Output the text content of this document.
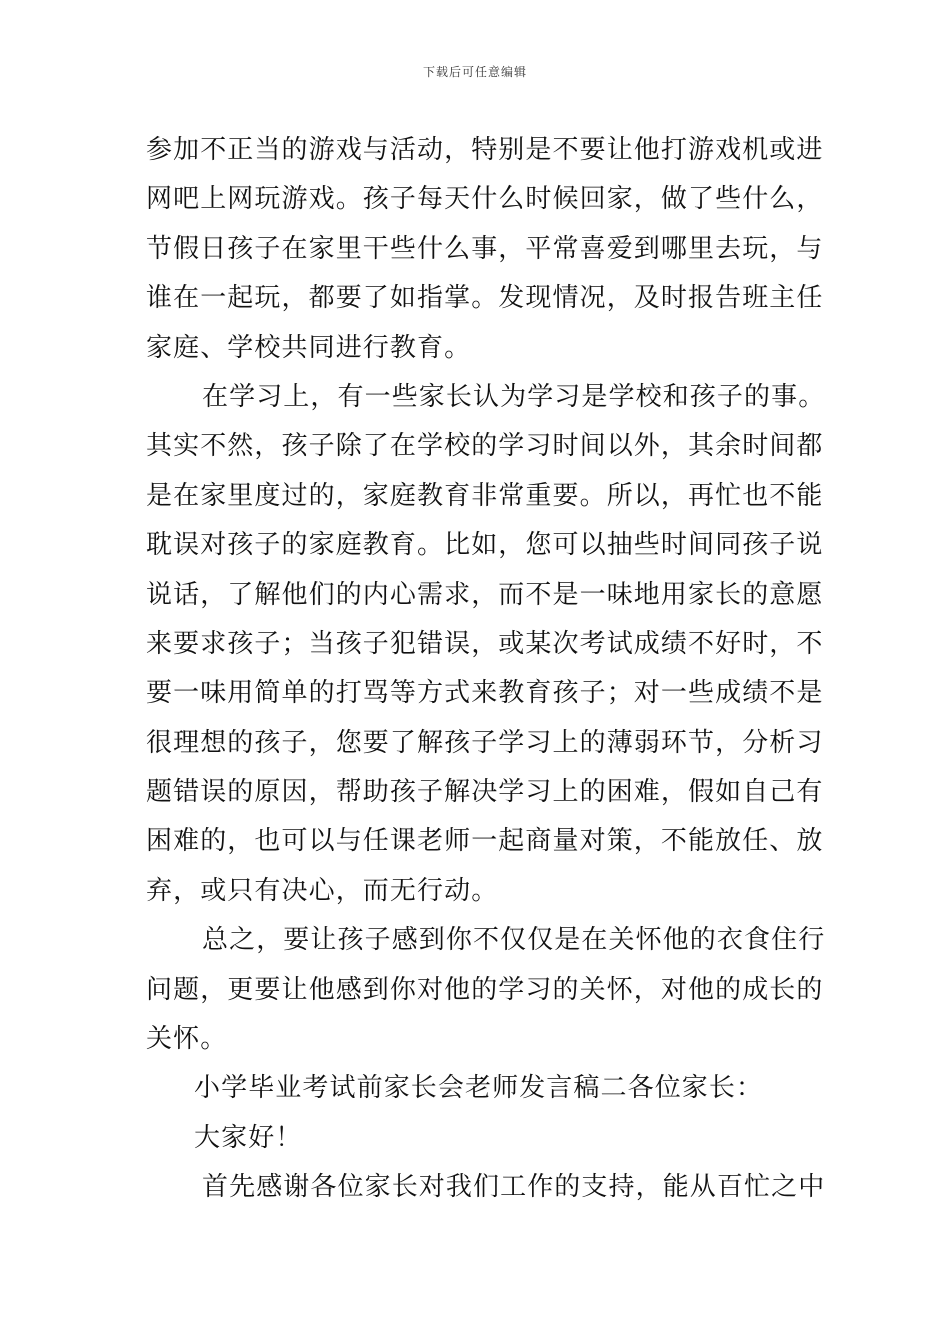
下载后可任意编辑
参加不正当的游戏与活动，特别是不要让他打游戏机或进
网吧上网玩游戏。孩子每天什么时候回家，做了些什么，
节假日孩子在家里干些什么事，平常喜爱到哪里去玩，与
谁在一起玩，都要了如指掌。发现情况，及时报告班主任
家庭、学校共同进行教育。
在学习上，有一些家长认为学习是学校和孩子的事。
其实不然，孩子除了在学校的学习时间以外，其余时间都
是在家里度过的，家庭教育非常重要。所以，再忙也不能
耽误对孩子的家庭教育。比如，您可以抽些时间同孩子说
说话，了解他们的内心需求，而不是一味地用家长的意愿
来要求孩子；当孩子犯错误，或某次考试成绩不好时，不
要一味用简单的打骂等方式来教育孩子；对一些成绩不是
很理想的孩子，您要了解孩子学习上的薄弱环节，分析习
题错误的原因，帮助孩子解决学习上的困难，假如自己有
困难的，也可以与任课老师一起商量对策，不能放任、放
弃，或只有决心，而无行动。
总之，要让孩子感到你不仅仅是在关怀他的衣食住行
问题，更要让他感到你对他的学习的关怀，对他的成长的
关怀。
小学毕业考试前家长会老师发言稿二各位家长：
大家好！
首先感谢各位家长对我们工作的支持，能从百忙之中
